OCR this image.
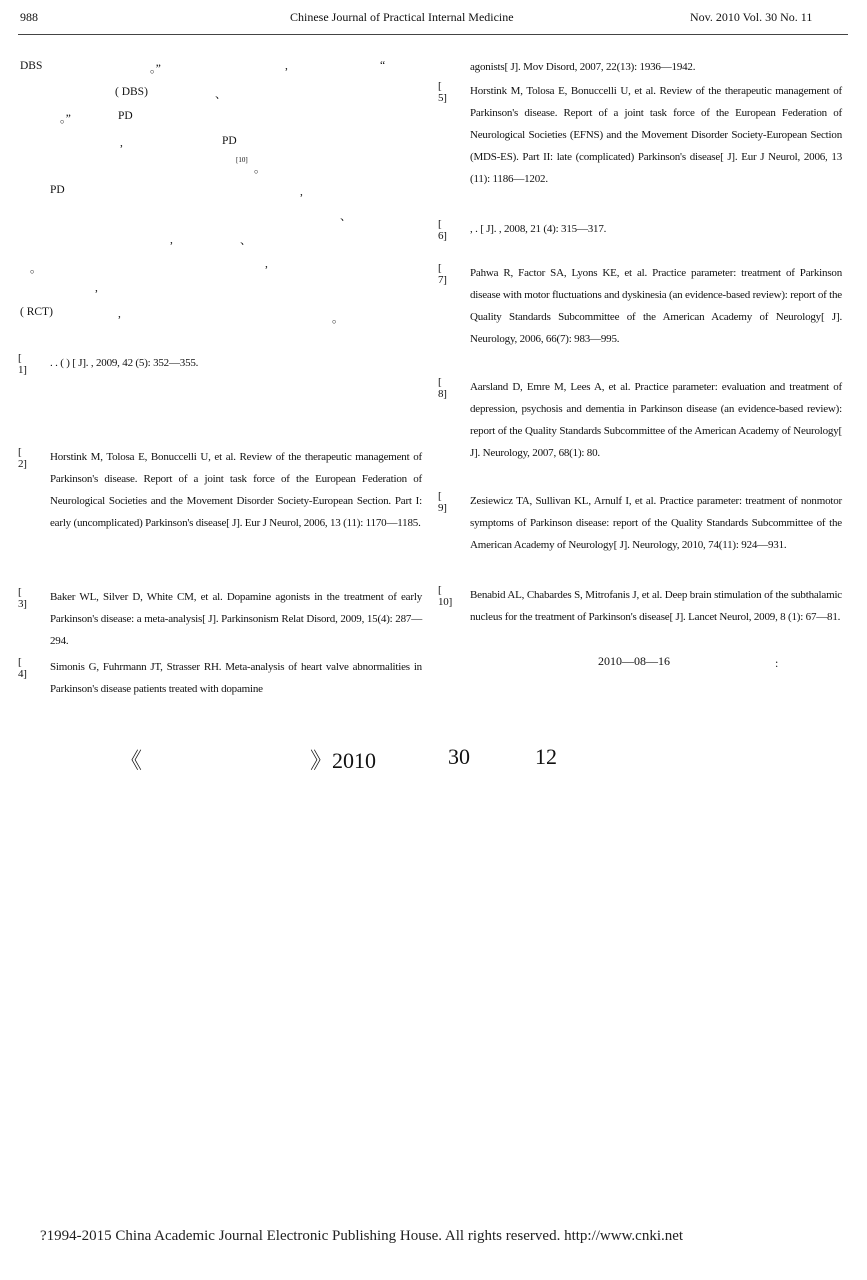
988	Chinese Journal of Practical Internal Medicine	Nov. 2010 Vol. 30 No. 11
DBS	。”	,	“
( DBS)	、
。”	PD
,	PD
[10]
。
PD	,
、
,	、
。	,
,
( RCT)	,	。
[ 1]
. . ( ) [ J]. , 2009, 42 (5): 352—355.
[ 2]
Horstink M, Tolosa E, Bonuccelli U, et al. Review of the therapeutic management of Parkinson's disease. Report of a joint task force of the European Federation of Neurological Societies and the Movement Disorder Society-European Section. Part I: early (uncomplicated) Parkinson's disease[ J]. Eur J Neurol, 2006, 13 (11): 1170—1185.
[ 3]
Baker WL, Silver D, White CM, et al. Dopamine agonists in the treatment of early Parkinson's disease: a meta-analysis[ J]. Parkinsonism Relat Disord, 2009, 15(4): 287—294.
[ 4]
Simonis G, Fuhrmann JT, Strasser RH. Meta-analysis of heart valve abnormalities in Parkinson's disease patients treated with dopamine
agonists[ J]. Mov Disord, 2007, 22(13): 1936—1942.
[ 5]
Horstink M, Tolosa E, Bonuccelli U, et al. Review of the therapeutic management of Parkinson's disease. Report of a joint task force of the European Federation of Neurological Societies (EFNS) and the Movement Disorder Society-European Section (MDS-ES). Part II: late (complicated) Parkinson's disease[ J]. Eur J Neurol, 2006, 13 (11): 1186—1202.
[ 6]
, . [ J]. , 2008, 21 (4): 315—317.
[ 7]
Pahwa R, Factor SA, Lyons KE, et al. Practice parameter: treatment of Parkinson disease with motor fluctuations and dyskinesia (an evidence-based review): report of the Quality Standards Subcommittee of the American Academy of Neurology[ J]. Neurology, 2006, 66(7): 983—995.
[ 8]
Aarsland D, Emre M, Lees A, et al. Practice parameter: evaluation and treatment of depression, psychosis and dementia in Parkinson disease (an evidence-based review): report of the Quality Standards Subcommittee of the American Academy of Neurology[ J]. Neurology, 2007, 68(1): 80.
[ 9]
Zesiewicz TA, Sullivan KL, Arnulf I, et al. Practice parameter: treatment of nonmotor symptoms of Parkinson disease: report of the Quality Standards Subcommittee of the American Academy of Neurology[ J]. Neurology, 2010, 74(11): 924—931.
[ 10]
Benabid AL, Chabardes S, Mitrofanis J, et al. Deep brain stimulation of the subthalamic nucleus for the treatment of Parkinson's disease[ J]. Lancet Neurol, 2009, 8 (1): 67—81.
2010—08—16	:
《	》2010	30	12
?1994-2015 China Academic Journal Electronic Publishing House. All rights reserved. http://www.cnki.net
